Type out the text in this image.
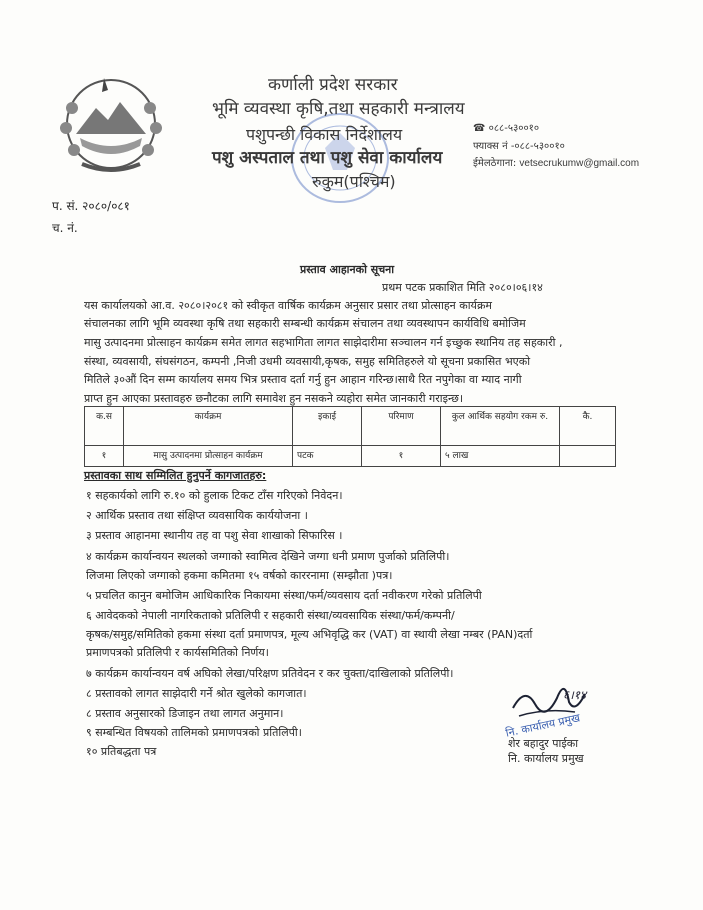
कर्णाली प्रदेश सरकार
भूमि व्यवस्था कृषि,तथा सहकारी मन्त्रालय
पशुपन्छी विकास निर्देशालय
पशु अस्पताल तथा पशु सेवा कार्यालय
रुकुम(पश्चिम)
☎ ०८८-५३००१०
फ्याक्स नं -०८८-५३००१०
ईमेलठेगाना: vetsecrukumw@gmail.com
प. सं. २०८०/०८१
च. नं.
प्रस्ताव आहानको सूचना
प्रथम पटक प्रकाशित मिति २०८०।०६।१४
यस कार्यालयको आ.व. २०८०।२०८१ को स्वीकृत वार्षिक कार्यक्रम अनुसार प्रसार तथा प्रोत्साहन कार्यक्रम
संचालनका लागि भूमि व्यवस्था कृषि तथा सहकारी सम्बन्धी कार्यक्रम संचालन तथा व्यवस्थापन कार्यविधि बमोजिम
मासु उत्पादनमा प्रोत्साहन कार्यक्रम समेत लागत सहभागिता लागत साझेदारीमा सञ्चालन गर्न इच्छुक स्थानिय तह सहकारी ,
संस्था, व्यवसायी, संघसंगठन, कम्पनी ,निजी उधमी व्यवसायी,कृषक, समुह समितिहरुले यो सूचना प्रकासित भएको
मितिले ३०औं दिन सम्म कार्यालय समय भित्र प्रस्ताव दर्ता गर्नु हुन आहान गरिन्छ।साथै रित नपुगेका वा म्याद नागी
प्राप्त हुन आएका प्रस्तावहरु छनौटका लागि समावेश हुन नसकने व्यहोरा समेत जानकारी गराइन्छ।
क.स	कार्यक्रम	इकाई	परिमाण	कुल आर्थिक सहयोग रकम रु.	कै.
१	मासु उत्पादनमा प्रोत्साहन कार्यक्रम	पटक	१	५ लाख	
प्रस्तावका साथ सम्मिलित हुनुपर्ने कागजातहरु:
१ सहकार्यको लागि रु.१० को हुलाक टिकट टाँस गरिएको निवेदन।
२ आर्थिक प्रस्ताव तथा संक्षिप्त व्यवसायिक कार्ययोजना ।
३ प्रस्ताव आहानमा स्थानीय तह वा पशु सेवा शाखाको सिफारिस ।
४ कार्यक्रम कार्यान्वयन स्थलको जग्गाको स्वामित्व देखिने जग्गा धनी प्रमाण पुर्जाको प्रतिलिपी।
लिजमा लिएको जग्गाको हकमा कमितमा १५ वर्षको काररनामा (सम्झौता )पत्र।
५ प्रचलित कानुन बमोजिम आधिकारिक निकायमा संस्था/फर्म/व्यवसाय दर्ता नवीकरण गरेको प्रतिलिपी
६ आवेदकको नेपाली नागरिकताको प्रतिलिपी र सहकारी संस्था/व्यवसायिक संस्था/फर्म/कम्पनी/
कृषक/समुह/समितिको हकमा संस्था दर्ता प्रमाणपत्र, मूल्य अभिवृद्धि कर (VAT) वा स्थायी लेखा नम्बर (PAN)दर्ता
प्रमाणपत्रको प्रतिलिपी र कार्यसमितिको निर्णय।
७ कार्यक्रम कार्यान्वयन वर्ष अघिको लेखा/परिक्षण प्रतिवेदन र कर चुक्ता/दाखिलाको प्रतिलिपी।
८ प्रस्तावको लागत साझेदारी गर्ने श्रोत खुलेको कागजात।
८ प्रस्ताव अनुसारको डिजाइन तथा लागत अनुमान।
९ सम्बन्धित विषयको तालिमको प्रमाणपत्रको प्रतिलिपी।
१० प्रतिबद्धता पत्र
६।१४
नि. कार्यालय प्रमुख
शेर बहादुर पाईका
नि. कार्यालय प्रमुख
